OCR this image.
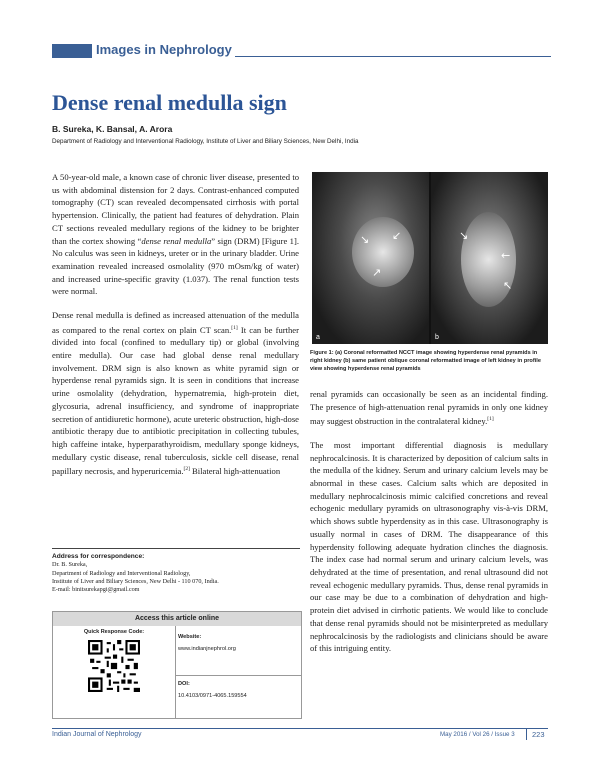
Images in Nephrology
Dense renal medulla sign
B. Sureka, K. Bansal, A. Arora
Department of Radiology and Interventional Radiology, Institute of Liver and Biliary Sciences, New Delhi, India

A 50-year-old male, a known case of chronic liver disease, presented to us with abdominal distension for 2 days. Contrast-enhanced computed tomography (CT) scan revealed decompensated cirrhosis with portal hypertension. Clinically, the patient had features of dehydration. Plain CT sections revealed medullary regions of the kidney to be brighter than the cortex showing “dense renal medulla” sign (DRM) [Figure 1]. No calculus was seen in kidneys, ureter or in the urinary bladder. Urine examination revealed increased osmolality (970 mOsm/kg of water) and increased urine-specific gravity (1.037). The renal function tests were normal.

Dense renal medulla is defined as increased attenuation of the medulla as compared to the renal cortex on plain CT scan.[1] It can be further divided into focal (confined to medullary tip) or global (involving entire medulla). Our case had global dense renal medullary involvement. DRM sign is also known as white pyramid sign or hyperdense renal pyramids sign. It is seen in conditions that increase urine osmolality (dehydration, hypernatremia, high-protein diet, glycosuria, adrenal insufficiency, and syndrome of inappropriate secretion of antidiuretic hormone), acute ureteric obstruction, high-dose antibiotic therapy due to antibiotic precipitation in collecting tubules, high caffeine intake, hyperparathyroidism, medullary sponge kidneys, medullary cystic disease, renal tuberculosis, sickle cell disease, renal papillary necrosis, and hyperuricemia.[2] Bilateral high-attenuation

↘ ↙
↗
a
↘
←
↖
b
Figure 1: (a) Coronal reformatted NCCT image showing hyperdense renal pyramids in right kidney (b) same patient oblique coronal reformatted image of left kidney in profile view showing hyperdense renal pyramids

renal pyramids can occasionally be seen as an incidental finding. The presence of high-attenuation renal pyramids in only one kidney may suggest obstruction in the contralateral kidney.[1]

The most important differential diagnosis is medullary nephrocalcinosis. It is characterized by deposition of calcium salts in the medulla of the kidney. Serum and urinary calcium levels may be abnormal in these cases. Calcium salts which are deposited in medullary nephrocalcinosis mimic calcified concretions and reveal echogenic medullary pyramids on ultrasonography vis-à-vis DRM, which shows subtle hyperdensity as in this case. Ultrasonography is usually normal in cases of DRM. The disappearance of this hyperdensity following adequate hydration clinches the diagnosis. The index case had normal serum and urinary calcium levels, was dehydrated at the time of presentation, and renal ultrasound did not reveal echogenic medullary pyramids. Thus, dense renal pyramids in our case may be due to a combination of dehydration and high-protein diet advised in cirrhotic patients. We would like to conclude that dense renal pyramids should not be misinterpreted as medullary nephrocalcinosis by the radiologists and clinicians should be aware of this intriguing entity.

Address for correspondence:
Dr. B. Sureka,
Department of Radiology and Interventional Radiology,
Institute of Liver and Biliary Sciences, New Delhi - 110 070, India.
E-mail: binitsurekapgi@gmail.com
Access this article online
Quick Response Code:
Website:
www.indianjnephrol.org
DOI:
10.4103/0971-4065.159554
Indian Journal of Nephrology	May 2016 / Vol 26 / Issue 3 223
